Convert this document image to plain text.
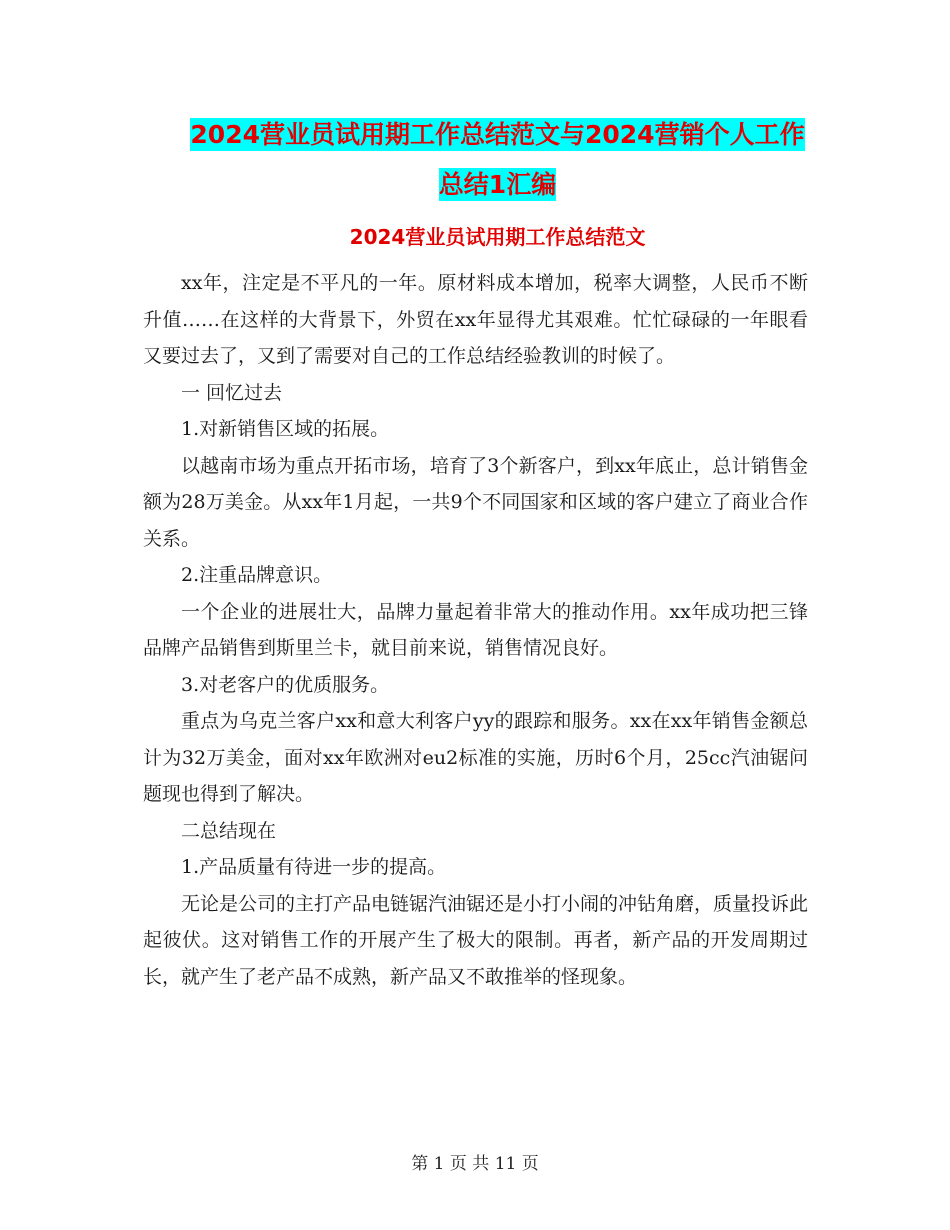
2024营业员试用期工作总结范文与2024营销个人工作
总结1汇编
2024营业员试用期工作总结范文

xx年，注定是不平凡的一年。原材料成本增加，税率大调整，人民币不断升值……在这样的大背景下，外贸在xx年显得尤其艰难。忙忙碌碌的一年眼看又要过去了，又到了需要对自己的工作总结经验教训的时候了。

一 回忆过去

1.对新销售区域的拓展。

以越南市场为重点开拓市场，培育了3个新客户，到xx年底止，总计销售金额为28万美金。从xx年1月起，一共9个不同国家和区域的客户建立了商业合作关系。

2.注重品牌意识。

一个企业的进展壮大，品牌力量起着非常大的推动作用。xx年成功把三锋品牌产品销售到斯里兰卡，就目前来说，销售情况良好。

3.对老客户的优质服务。

重点为乌克兰客户xx和意大利客户yy的跟踪和服务。xx在xx年销售金额总计为32万美金，面对xx年欧洲对eu2标准的实施，历时6个月，25cc汽油锯问题现也得到了解决。

二总结现在

1.产品质量有待进一步的提高。

无论是公司的主打产品电链锯汽油锯还是小打小闹的冲钻角磨，质量投诉此起彼伏。这对销售工作的开展产生了极大的限制。再者，新产品的开发周期过长，就产生了老产品不成熟，新产品又不敢推举的怪现象。

第 1 页 共 11 页
